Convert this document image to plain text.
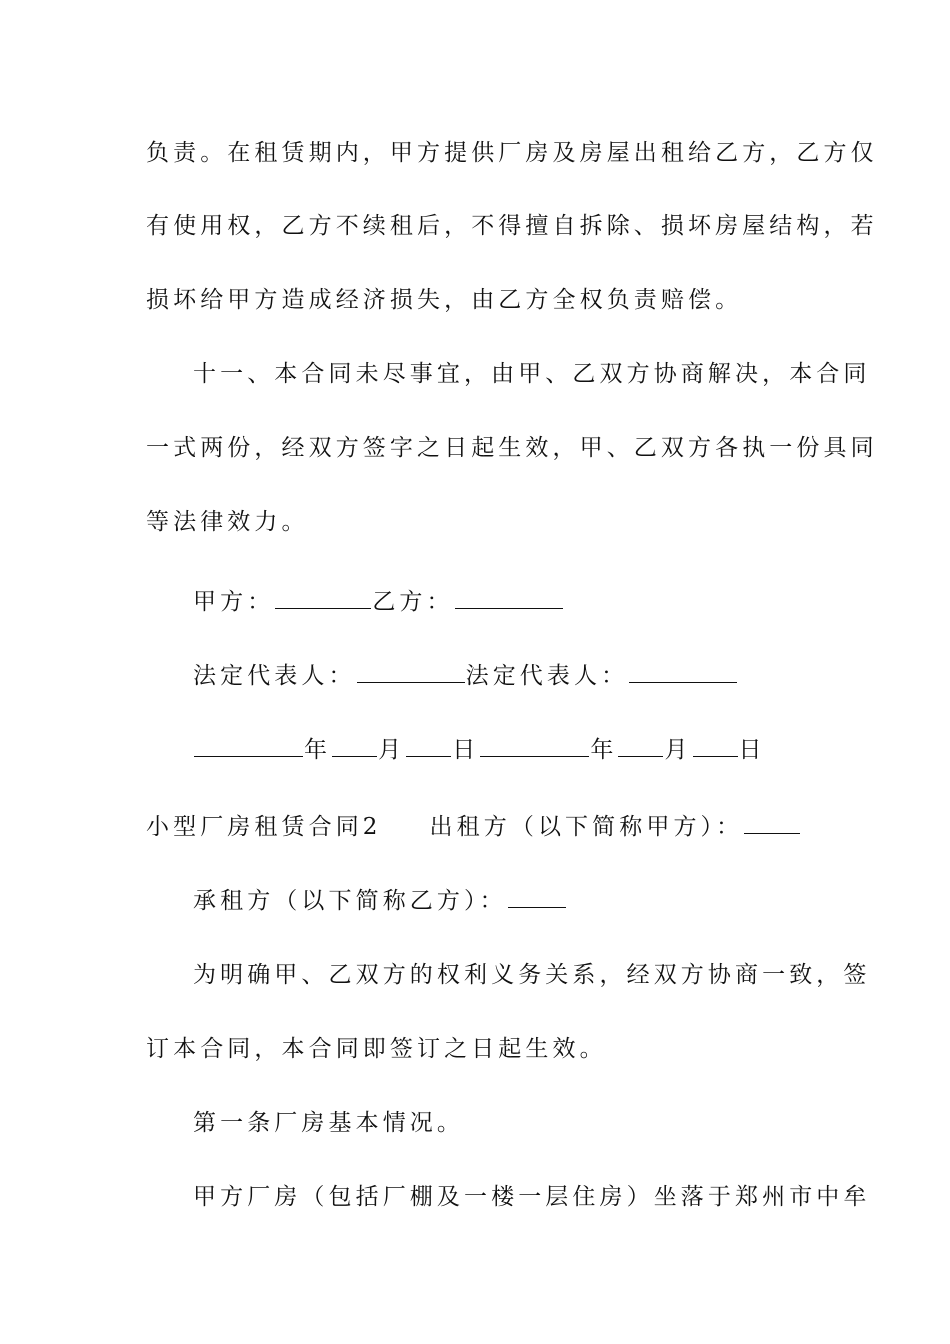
负责。在租赁期内，甲方提供厂房及房屋出租给乙方，乙方仅
有使用权，乙方不续租后，不得擅自拆除、损坏房屋结构，若
损坏给甲方造成经济损失，由乙方全权负责赔偿。
十一、本合同未尽事宜，由甲、乙双方协商解决，本合同
一式两份，经双方签字之日起生效，甲、乙双方各执一份具同
等法律效力。
甲方：	乙方：
法定代表人：	法定代表人：
年 月 日	年 月 日
小型厂房租赁合同2 出租方（以下简称甲方）：
承租方（以下简称乙方）：
为明确甲、乙双方的权利义务关系，经双方协商一致，签
订本合同，本合同即签订之日起生效。
第一条厂房基本情况。
甲方厂房（包括厂棚及一楼一层住房）坐落于郑州市中牟
